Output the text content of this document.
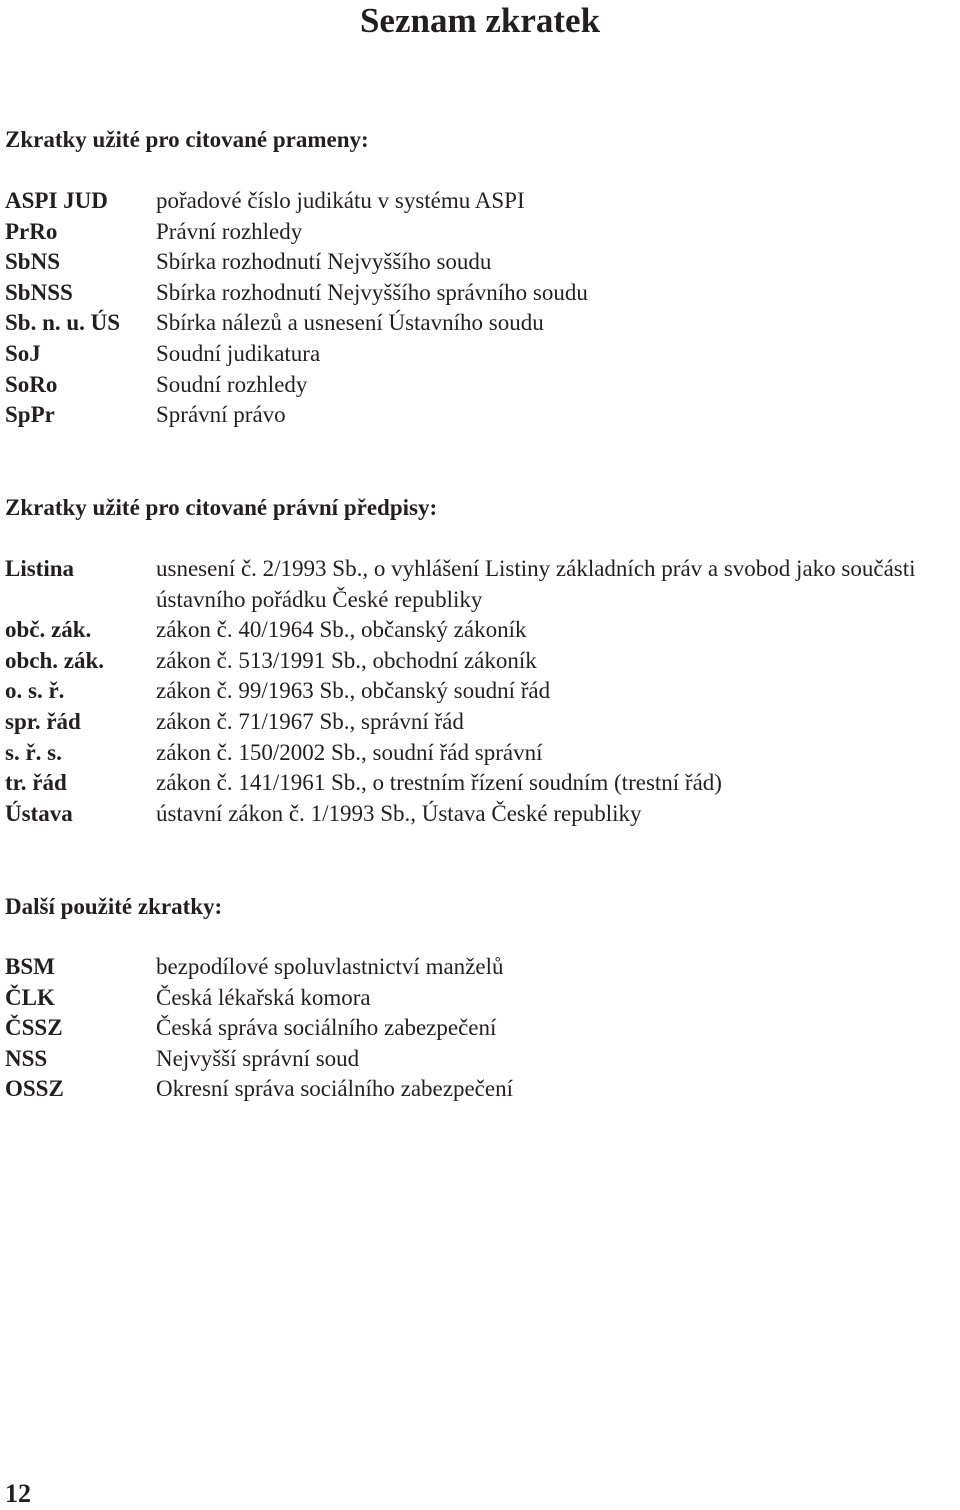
Seznam zkratek
Zkratky užité pro citované prameny:
ASPI JUD	pořadové číslo judikátu v systému ASPI
PrRo	Právní rozhledy
SbNS	Sbírka rozhodnutí Nejvyššího soudu
SbNSS	Sbírka rozhodnutí Nejvyššího správního soudu
Sb. n. u. ÚS	Sbírka nálezů a usnesení Ústavního soudu
SoJ	Soudní judikatura
SoRo	Soudní rozhledy
SpPr	Správní právo
Zkratky užité pro citované právní předpisy:
Listina	usnesení č. 2/1993 Sb., o vyhlášení Listiny základních práv a svobod jako součásti ústavního pořádku České republiky
obč. zák.	zákon č. 40/1964 Sb., občanský zákoník
obch. zák.	zákon č. 513/1991 Sb., obchodní zákoník
o. s. ř.	zákon č. 99/1963 Sb., občanský soudní řád
spr. řád	zákon č. 71/1967 Sb., správní řád
s. ř. s.	zákon č. 150/2002 Sb., soudní řád správní
tr. řád	zákon č. 141/1961 Sb., o trestním řízení soudním (trestní řád)
Ústava	ústavní zákon č. 1/1993 Sb., Ústava České republiky
Další použité zkratky:
BSM	bezpodílové spoluvlastnictví manželů
ČLK	Česká lékařská komora
ČSSZ	Česká správa sociálního zabezpečení
NSS	Nejvyšší správní soud
OSSZ	Okresní správa sociálního zabezpečení
12
